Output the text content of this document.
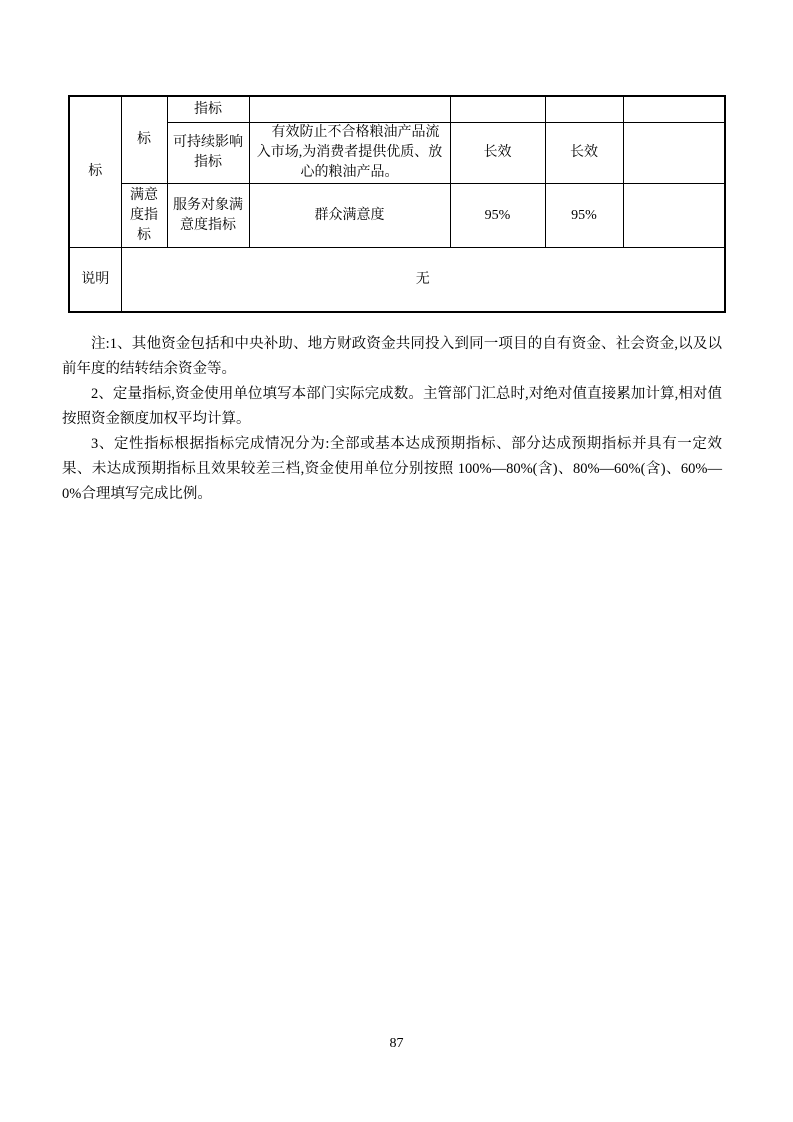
标	标	指标				
		可持续影响指标	有效防止不合格粮油产品流入市场,为消费者提供优质、放心的粮油产品。	长效	长效	
	满意度指标	服务对象满意度指标	群众满意度	95%	95%	
说明	无					

注:1、其他资金包括和中央补助、地方财政资金共同投入到同一项目的自有资金、社会资金,以及以前年度的结转结余资金等。

2、定量指标,资金使用单位填写本部门实际完成数。主管部门汇总时,对绝对值直接累加计算,相对值按照资金额度加权平均计算。

3、定性指标根据指标完成情况分为:全部或基本达成预期指标、部分达成预期指标并具有一定效果、未达成预期指标且效果较差三档,资金使用单位分别按照 100%—80%(含)、80%—60%(含)、60%—0%合理填写完成比例。

87
